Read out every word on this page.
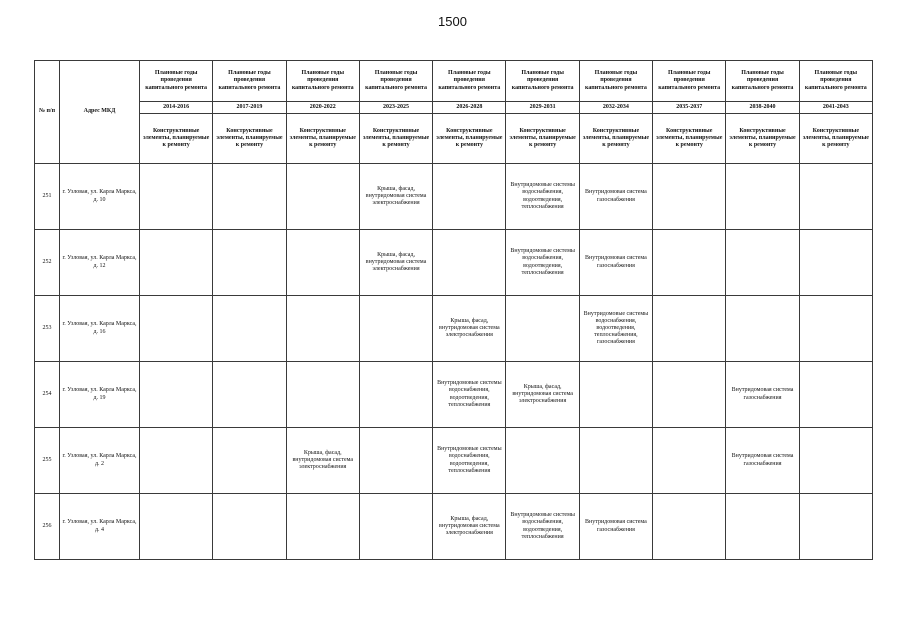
1500
№ п/п	Адрес МКД	Плановые годы проведения капитального ремонта	Плановые годы проведения капитального ремонта	Плановые годы проведения капитального ремонта	Плановые годы проведения капитального ремонта	Плановые годы проведения капитального ремонта	Плановые годы проведения капитального ремонта	Плановые годы проведения капитального ремонта	Плановые годы проведения капитального ремонта	Плановые годы проведения капитального ремонта	Плановые годы проведения капитального ремонта
		2014-2016	2017-2019	2020-2022	2023-2025	2026-2028	2029-2031	2032-2034	2035-2037	2038-2040	2041-2043
		Конструктивные элементы, планируемые к ремонту	Конструктивные элементы, планируемые к ремонту	Конструктивные элементы, планируемые к ремонту	Конструктивные элементы, планируемые к ремонту	Конструктивные элементы, планируемые к ремонту	Конструктивные элементы, планируемые к ремонту	Конструктивные элементы, планируемые к ремонту	Конструктивные элементы, планируемые к ремонту	Конструктивные элементы, планируемые к ремонту	Конструктивные элементы, планируемые к ремонту
251	г. Узловая, ул. Карла Маркса, д. 10				Крыша, фасад, внутридомовая система электроснабжения		Внутридомовые системы водоснабжения, водоотведения, теплоснабжения	Внутридомовая система газоснабжения			
252	г. Узловая, ул. Карла Маркса, д. 12				Крыша, фасад, внутридомовая система электроснабжения		Внутридомовые системы водоснабжения, водоотведения, теплоснабжения	Внутридомовая система газоснабжения			
253	г. Узловая, ул. Карла Маркса, д. 16					Крыша, фасад, внутридомовая система электроснабжения		Внутридомовые системы водоснабжения, водоотведения, теплоснабжения, газоснабжения			
254	г. Узловая, ул. Карла Маркса, д. 19					Внутридомовые системы водоснабжения, водоотведения, теплоснабжения	Крыша, фасад, внутридомовая система электроснабжения			Внутридомовая система газоснабжения	
255	г. Узловая, ул. Карла Маркса, д. 2			Крыша, фасад, внутридомовая система электроснабжения		Внутридомовые системы водоснабжения, водоотведения, теплоснабжения				Внутридомовая система газоснабжения	
256	г. Узловая, ул. Карла Маркса, д. 4					Крыша, фасад, внутридомовая система электроснабжения	Внутридомовые системы водоснабжения, водоотведения, теплоснабжения	Внутридомовая система газоснабжения			
